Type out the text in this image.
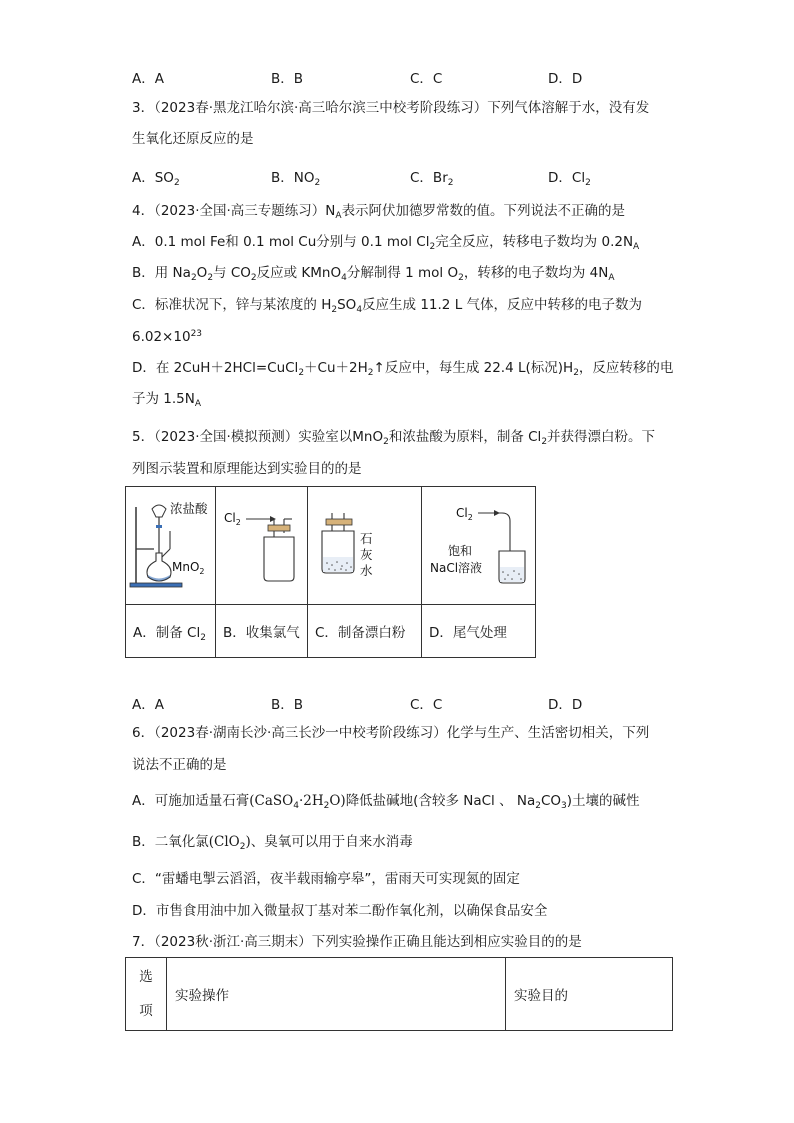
A．A	B．B	C．C	D．D
3．（2023春·黑龙江哈尔滨·高三哈尔滨三中校考阶段练习）下列气体溶解于水，没有发
生氧化还原反应的是
A．$SO_2$	B．$NO_2$	C．$Br_2$	D．$Cl_2$
4．（2023·全国·高三专题练习）$N_A$表示阿伏加德罗常数的值。下列说法不正确的是
A．0.1 mol Fe和 0.1 mol Cu分别与 0.1 mol $Cl_2$完全反应，转移电子数均为 $0.2N_A$
B．用 $Na_2O_2$与 $CO_2$反应或 KMnO$_4$分解制得 1 mol $O_2$，转移的电子数均为 $4N_A$
C．标准状况下，锌与某浓度的 $H_2SO_4$反应生成 11.2 L 气体，反应中转移的电子数为
$6.02\times 10^{23}$
D．在 $2CuH+2HCl=CuCl_2+Cu+2H_2↑$反应中，每生成 22.4 L(标况)$H_2$，反应转移的电
子为 $1.5N_A$
5．（2023·全国·模拟预测）实验室以MnO$_2$和浓盐酸为原料，制备 $Cl_2$并获得漂白粉。下
列图示装置和原理能达到实验目的的是
浓盐酸
MnO$_2$	$Cl_2$	石
灰
水	$Cl_2$
饱和
NaCl溶液

A．制备 $Cl_2$	B．收集氯气	C．制备漂白粉	D．尾气处理
A．A	B．B	C．C	D．D
6．（2023春·湖南长沙·高三长沙一中校考阶段练习）化学与生产、生活密切相关，下列
说法不正确的是
A．可施加适量石膏$(CaSO_4\cdot 2H_2O)$降低盐碱地(含较多 NaCl 、 $Na_2CO_3$)土壤的碱性
B．二氧化氯(ClO$_2$)、臭氧可以用于自来水消毒
C．“雷蟠电掣云滔滔，夜半载雨输亭皋”，雷雨天可实现氮的固定
D．市售食用油中加入微量叔丁基对苯二酚作氧化剂，以确保食品安全
7．（2023秋·浙江·高三期末）下列实验操作正确且能达到相应实验目的的是
选
项
	实验操作	实验目的
